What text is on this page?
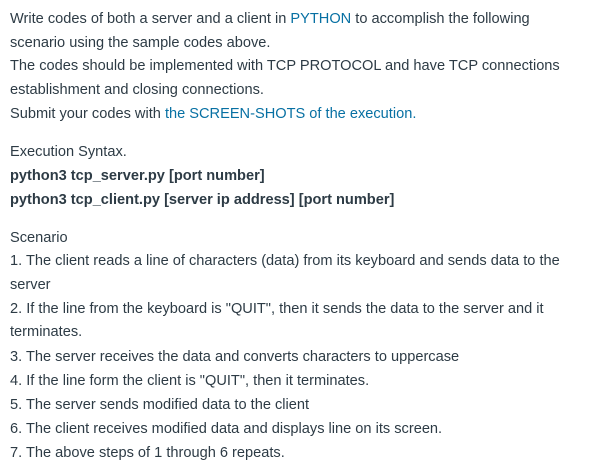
Write codes of both a server and a client in PYTHON to accomplish the following
scenario using the sample codes above.
The codes should be implemented with TCP PROTOCOL and have TCP connections
establishment and closing connections.
Submit your codes with the SCREEN-SHOTS of the execution.
Execution Syntax.
python3 tcp_server.py [port number]
python3 tcp_client.py [server ip address] [port number]
Scenario
1. The client reads a line of characters (data) from its keyboard and sends data to the
server
2. If the line from the keyboard is "QUIT", then it sends the data to the server and it
terminates.
3. The server receives the data and converts characters to uppercase
4. If the line form the client is "QUIT", then it terminates.
5. The server sends modified data to the client
6. The client receives modified data and displays line on its screen.
7. The above steps of 1 through 6 repeats.
